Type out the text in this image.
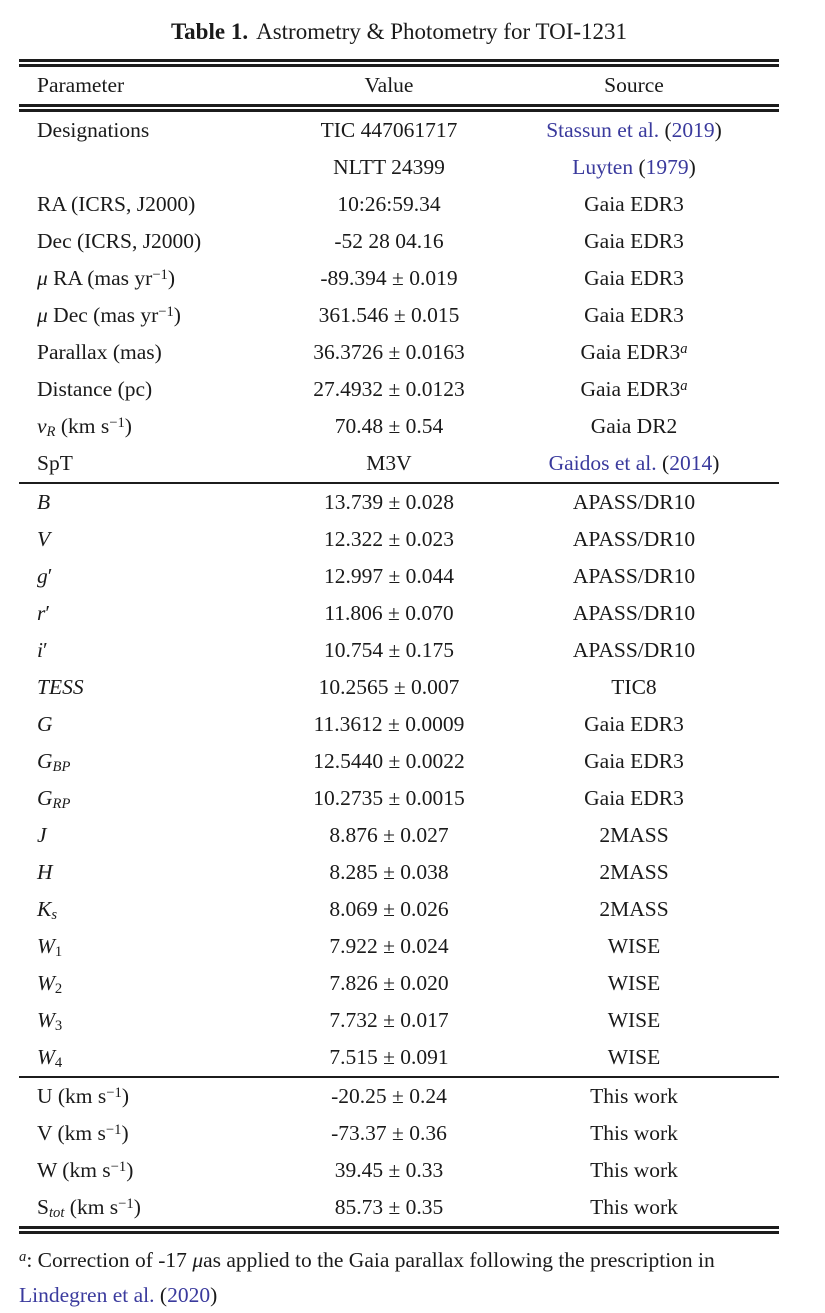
Table 1. Astrometry & Photometry for TOI-1231
Parameter	Value	Source
Designations	TIC 447061717	Stassun et al. (2019)
	NLTT 24399	Luyten (1979)
RA (ICRS, J2000)	10:26:59.34	Gaia EDR3
Dec (ICRS, J2000)	-52 28 04.16	Gaia EDR3
μ RA (mas $yr^{-1}$)	-89.394 ± 0.019	Gaia EDR3
μ Dec (mas $yr^{-1}$)	361.546 ± 0.015	Gaia EDR3
Parallax (mas)	36.3726 ± 0.0163	Gaia EDR3$^a$
Distance (pc)	27.4932 ± 0.0123	Gaia EDR3$^a$
$v_R$ (km $s^{-1}$)	70.48 ± 0.54	Gaia DR2
SpT	M3V	Gaidos et al. (2014)
B	13.739 ± 0.028	APASS/DR10
V	12.322 ± 0.023	APASS/DR10
g′	12.997 ± 0.044	APASS/DR10
r′	11.806 ± 0.070	APASS/DR10
i′	10.754 ± 0.175	APASS/DR10
TESS	10.2565 ± 0.007	TIC8
G	11.3612 ± 0.0009	Gaia EDR3
$G_{BP}$	12.5440 ± 0.0022	Gaia EDR3
$G_{RP}$	10.2735 ± 0.0015	Gaia EDR3
J	8.876 ± 0.027	2MASS
H	8.285 ± 0.038	2MASS
$K_s$	8.069 ± 0.026	2MASS
$W_1$	7.922 ± 0.024	WISE
$W_2$	7.826 ± 0.020	WISE
$W_3$	7.732 ± 0.017	WISE
$W_4$	7.515 ± 0.091	WISE
U (km $s^{-1}$)	-20.25 ± 0.24	This work
V (km $s^{-1}$)	-73.37 ± 0.36	This work
W (km $s^{-1}$)	39.45 ± 0.33	This work
$S_{tot}$ (km $s^{-1}$)	85.73 ± 0.35	This work
$^a$: Correction of -17 μas applied to the Gaia parallax following the prescription in Lindegren et al. (2020)
